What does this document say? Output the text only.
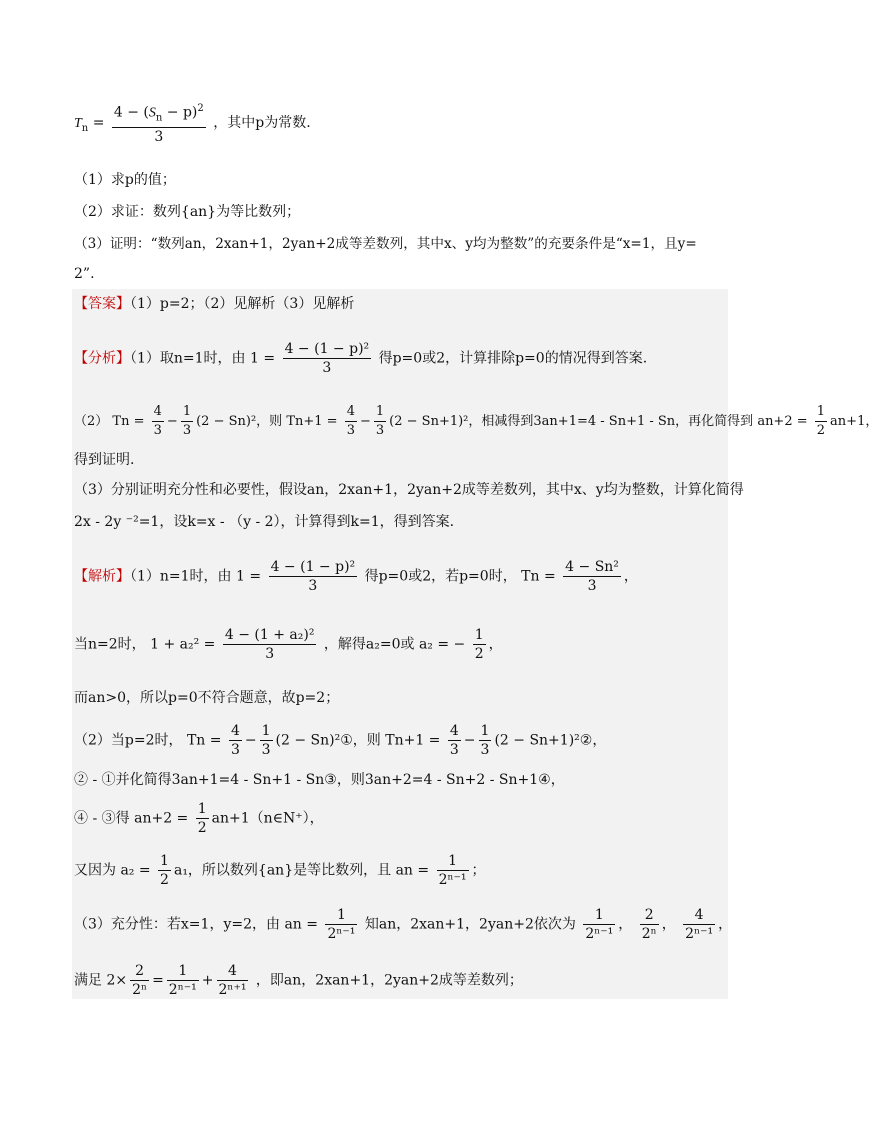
$T_n = \frac{4 - (S_n - p)^2}{3}$ ，其中p为常数.
（1）求p的值；
（2）求证：数列{an}为等比数列；
（3）证明：“数列an，2xan+1，2yan+2成等差数列，其中x、y均为整数”的充要条件是“x=1，且y=
2”.
【答案】（1）p=2；（2）见解析（3）见解析
【分析】（1）取n=1时，由 $1 = \frac{\text{4 − (1 − p)²}}{3}$ 得p=0或2，计算排除p=0的情况得到答案.
（2） $Tn = \frac{4}{3} - \frac{1}{3} (2 - Sn)^2$，则 $Tn+1 = \frac{4}{3} - \frac{1}{3} (2 - Sn+1)^2$，相减得到3an+1=4 - Sn+1 - Sn，再化简得到 $an+2 = \frac{1}{2} an+1$，
得到证明.
（3）分别证明充分性和必要性，假设an，2xan+1，2yan+2成等差数列，其中x、y均为整数，计算化简得
2x - 2y ⁻²=1，设k=x - （y - 2），计算得到k=1，得到答案.
【解析】（1）n=1时，由 $1 = \frac{\text{4 − (1 − p)²}}{3}$ 得p=0或2，若p=0时， $Tn = \frac{\text{4 − Sn²}}{3}$ ，
当n=2时， $1 + a_2^2 = \frac{\text{4 − (1 + a₂)²}}{3}$ ，解得a₂=0或 a₂ = − $\frac{1}{2}$ ，
而an>0，所以p=0不符合题意，故p=2；
（2）当p=2时， $Tn = \frac{4}{3} - \frac{1}{3} (2$ − Sn)²①，则 $Tn+1 = \frac{4}{3} - \frac{1}{3} (2$ − Sn+1)²②，
② - ①并化简得3an+1=4 - Sn+1 - Sn③，则3an+2=4 - Sn+2 - Sn+1④，
④ - ③得 $an+2 = \frac{1}{2}$ an+1（n∈N⁺），
又因为 $a_2 = \frac{1}{2} a_1$，所以数列{an}是等比数列，且 an = $\frac{1}{\text{2ⁿ⁻¹}}$ ；
（3）充分性：若x=1，y=2，由 an = $\frac{1}{\text{2ⁿ⁻¹}}$ 知an，2xan+1，2yan+2依次为 $\frac{1}{\text{2ⁿ⁻¹}}$ ， $\frac{2}{\text{2ⁿ}}$ ， $\frac{4}{\text{2ⁿ⁻¹}}$ ，
满足 $2\times \frac{2}{\text{2ⁿ}} = \frac{1}{\text{2ⁿ⁻¹}} + \frac{4}{\text{2ⁿ⁺¹}}$ ，即an，2xan+1，2yan+2成等差数列；
